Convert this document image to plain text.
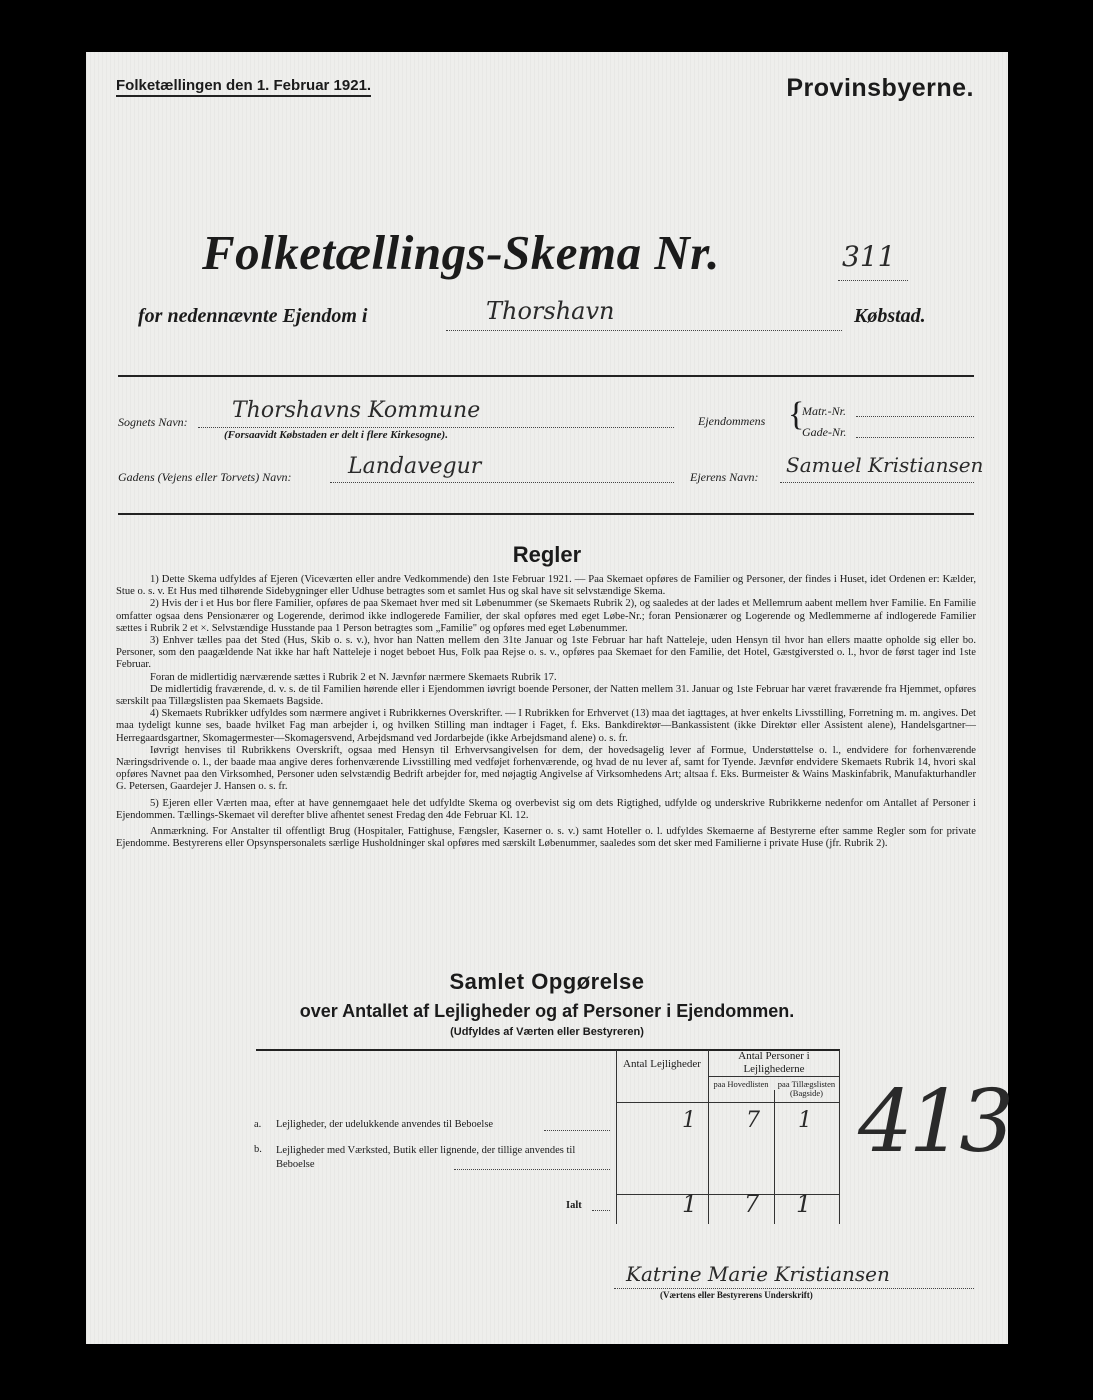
Folketællingen den 1. Februar 1921.	Provinsbyerne.
Folketællings-Skema Nr.	311
for nedennævnte Ejendom i	Thorshavn	Købstad.
Sognets Navn: Thorshavns Kommune
(Forsaavidt Købstaden er delt i flere Kirkesogne).
Ejendommens {
Matr.-Nr.
Gade-Nr.
Gadens (Vejens eller Torvets) Navn:	Landavegur	Ejerens Navn: Samuel Kristiansen
Regler

1) Dette Skema udfyldes af Ejeren (Viceværten eller andre Vedkommende) den 1ste Februar 1921. — Paa Skemaet opføres de Familier og Personer, der findes i Huset, idet Ordenen er: Kælder, Stue o. s. v. Et Hus med tilhørende Sidebygninger eller Udhuse betragtes som et samlet Hus og skal have sit selvstændige Skema.

2) Hvis der i et Hus bor flere Familier, opføres de paa Skemaet hver med sit Løbenummer (se Skemaets Rubrik 2), og saaledes at der lades et Mellemrum aabent mellem hver Familie. En Familie omfatter ogsaa dens Pensionærer og Logerende, derimod ikke indlogerede Familier, der skal opføres med eget Løbe-Nr.; foran Pensionærer og Logerende og Medlemmerne af indlogerede Familier sættes i Rubrik 2 et ×. Selvstændige Husstande paa 1 Person betragtes som „Familie" og opføres med eget Løbenummer.

3) Enhver tælles paa det Sted (Hus, Skib o. s. v.), hvor han Natten mellem den 31te Januar og 1ste Februar har haft Natteleje, uden Hensyn til hvor han ellers maatte opholde sig eller bo. Personer, som den paagældende Nat ikke har haft Natteleje i noget beboet Hus, Folk paa Rejse o. s. v., opføres paa Skemaet for den Familie, det Hotel, Gæstgiversted o. l., hvor de først tager ind 1ste Februar.

Foran de midlertidig nærværende sættes i Rubrik 2 et N. Jævnfør nærmere Skemaets Rubrik 17.

De midlertidig fraværende, d. v. s. de til Familien hørende eller i Ejendommen iøvrigt boende Personer, der Natten mellem 31. Januar og 1ste Februar har været fraværende fra Hjemmet, opføres særskilt paa Tillægslisten paa Skemaets Bagside.

4) Skemaets Rubrikker udfyldes som nærmere angivet i Rubrikkernes Overskrifter. — I Rubrikken for Erhvervet (13) maa det iagttages, at hver enkelts Livsstilling, Forretning m. m. angives. Det maa tydeligt kunne ses, baade hvilket Fag man arbejder i, og hvilken Stilling man indtager i Faget, f. Eks. Bankdirektør—Bankassistent (ikke Direktør eller Assistent alene), Handelsgartner—Herregaardsgartner, Skomagermester—Skomagersvend, Arbejdsmand ved Jordarbejde (ikke Arbejdsmand alene) o. s. fr.

Iøvrigt henvises til Rubrikkens Overskrift, ogsaa med Hensyn til Erhvervsangivelsen for dem, der hovedsagelig lever af Formue, Understøttelse o. l., endvidere for forhenværende Næringsdrivende o. l., der baade maa angive deres forhenværende Livsstilling med vedføjet forhenværende, og hvad de nu lever af, samt for Tyende. Jævnfør endvidere Skemaets Rubrik 14, hvori skal opføres Navnet paa den Virksomhed, Personer uden selvstændig Bedrift arbejder for, med nøjagtig Angivelse af Virksomhedens Art; altsaa f. Eks. Burmeister & Wains Maskinfabrik, Manufakturhandler G. Petersen, Gaardejer J. Hansen o. s. fr.

5) Ejeren eller Værten maa, efter at have gennemgaaet hele det udfyldte Skema og overbevist sig om dets Rigtighed, udfylde og underskrive Rubrikkerne nedenfor om Antallet af Personer i Ejendommen. Tællings-Skemaet vil derefter blive afhentet senest Fredag den 4de Februar Kl. 12.

Anmærkning. For Anstalter til offentligt Brug (Hospitaler, Fattighuse, Fængsler, Kaserner o. s. v.) samt Hoteller o. l. udfyldes Skemaerne af Bestyrerne efter samme Regler som for private Ejendomme. Bestyrerens eller Opsynspersonalets særlige Husholdninger skal opføres med særskilt Løbenummer, saaledes som det sker med Familierne i private Huse (jfr. Rubrik 2).

Samlet Opgørelse
over Antallet af Lejligheder og af Personer i Ejendommen.
(Udfyldes af Værten eller Bestyreren)
Antal Lejligheder
Antal Personer i Lejlighederne
paa Hovedlisten	paa Tillægslisten (Bagside)
a. Lejligheder, der udelukkende anvendes til Beboelse	1 7 1
b. Lejligheder med Værksted, Butik eller lignende, der tillige anvendes til Beboelse
Ialt	1 7 1
413
Katrine Marie Kristiansen
(Værtens eller Bestyrerens Underskrift)
